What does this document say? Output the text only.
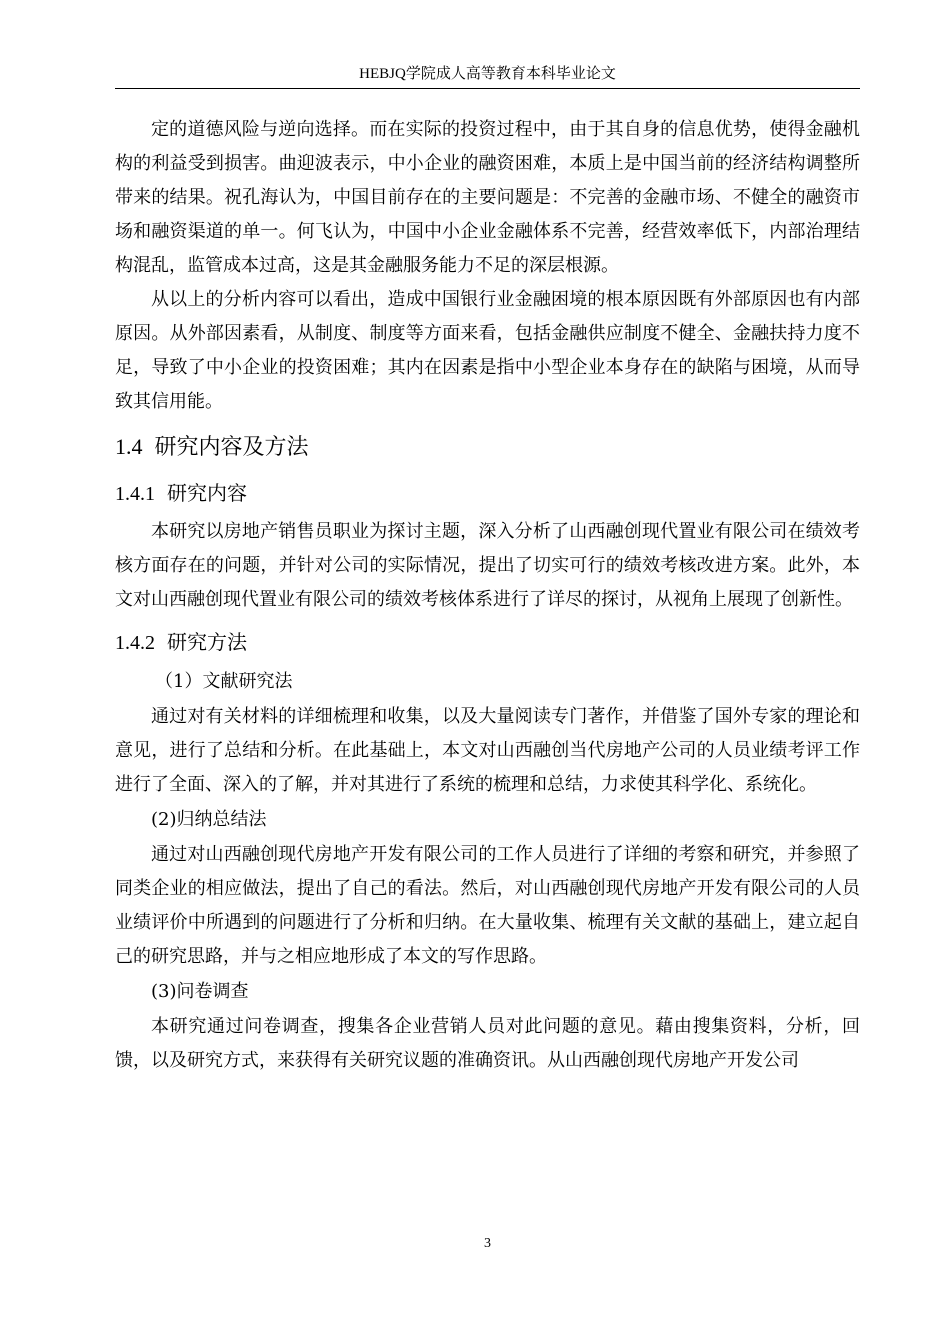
HEBJQ学院成人高等教育本科毕业论文

定的道德风险与逆向选择。而在实际的投资过程中，由于其自身的信息优势，使得金融机构的利益受到损害。曲迎波表示，中小企业的融资困难，本质上是中国当前的经济结构调整所带来的结果。祝孔海认为，中国目前存在的主要问题是：不完善的金融市场、不健全的融资市场和融资渠道的单一。何飞认为，中国中小企业金融体系不完善，经营效率低下，内部治理结构混乱，监管成本过高，这是其金融服务能力不足的深层根源。

从以上的分析内容可以看出，造成中国银行业金融困境的根本原因既有外部原因也有内部原因。从外部因素看，从制度、制度等方面来看，包括金融供应制度不健全、金融扶持力度不足，导致了中小企业的投资困难；其内在因素是指中小型企业本身存在的缺陷与困境，从而导致其信用能。

1.4 研究内容及方法
1.4.1 研究内容

本研究以房地产销售员职业为探讨主题，深入分析了山西融创现代置业有限公司在绩效考核方面存在的问题，并针对公司的实际情况，提出了切实可行的绩效考核改进方案。此外，本文对山西融创现代置业有限公司的绩效考核体系进行了详尽的探讨，从视角上展现了创新性。

1.4.2 研究方法

（1）文献研究法

通过对有关材料的详细梳理和收集，以及大量阅读专门著作，并借鉴了国外专家的理论和意见，进行了总结和分析。在此基础上，本文对山西融创当代房地产公司的人员业绩考评工作进行了全面、深入的了解，并对其进行了系统的梳理和总结，力求使其科学化、系统化。

(2)归纳总结法

通过对山西融创现代房地产开发有限公司的工作人员进行了详细的考察和研究，并参照了同类企业的相应做法，提出了自己的看法。然后，对山西融创现代房地产开发有限公司的人员业绩评价中所遇到的问题进行了分析和归纳。在大量收集、梳理有关文献的基础上，建立起自己的研究思路，并与之相应地形成了本文的写作思路。

(3)问卷调查

本研究通过问卷调查，搜集各企业营销人员对此问题的意见。藉由搜集资料，分析，回馈，以及研究方式，来获得有关研究议题的准确资讯。从山西融创现代房地产开发公司

3
